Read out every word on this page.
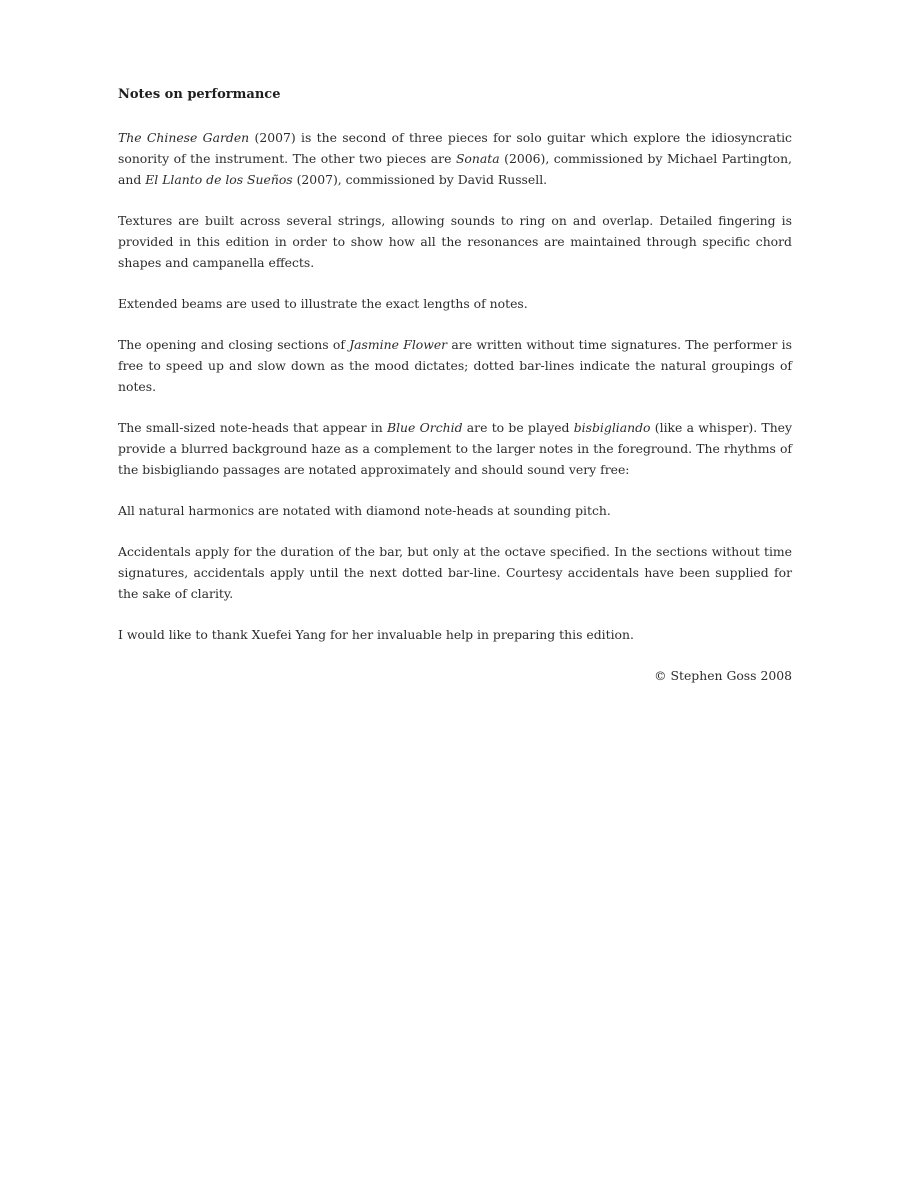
Notes on performance

The Chinese Garden (2007) is the second of three pieces for solo guitar which explore the idiosyncratic sonority of the instrument. The other two pieces are Sonata (2006), commissioned by Michael Partington, and El Llanto de los Sueños (2007), commissioned by David Russell.

Textures are built across several strings, allowing sounds to ring on and overlap. Detailed fingering is provided in this edition in order to show how all the resonances are maintained through specific chord shapes and campanella effects.

Extended beams are used to illustrate the exact lengths of notes.

The opening and closing sections of Jasmine Flower are written without time signatures. The performer is free to speed up and slow down as the mood dictates; dotted bar-lines indicate the natural groupings of notes.

The small-sized note-heads that appear in Blue Orchid are to be played bisbigliando (like a whisper). They provide a blurred background haze as a complement to the larger notes in the foreground. The rhythms of the bisbigliando passages are notated approximately and should sound very free:

All natural harmonics are notated with diamond note-heads at sounding pitch.

Accidentals apply for the duration of the bar, but only at the octave specified. In the sections without time signatures, accidentals apply until the next dotted bar-line. Courtesy accidentals have been supplied for the sake of clarity.

I would like to thank Xuefei Yang for her invaluable help in preparing this edition.

© Stephen Goss 2008
